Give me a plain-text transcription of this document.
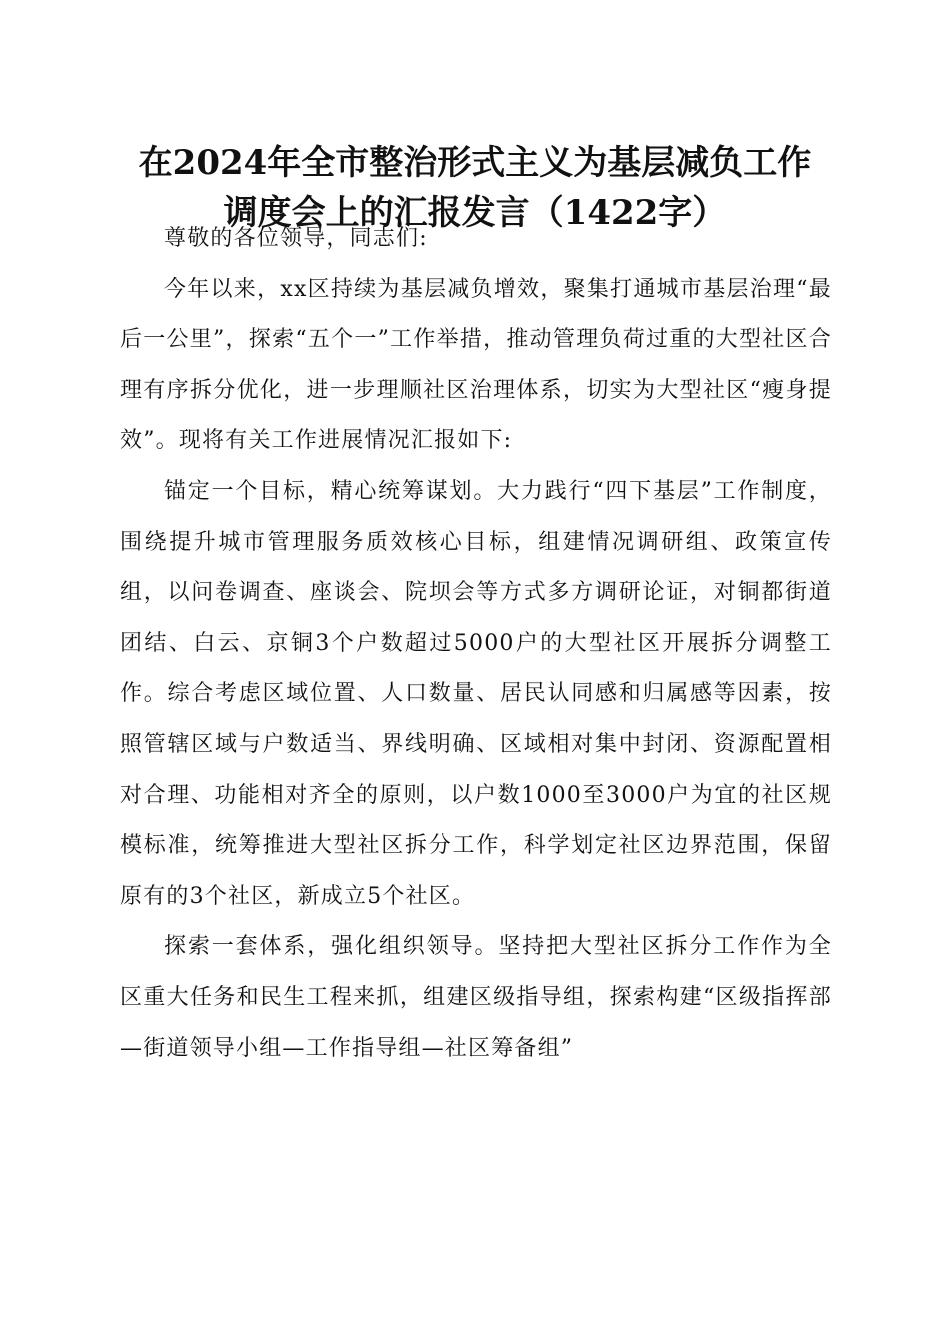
在2024年全市整治形式主义为基层减负工作
调度会上的汇报发言（1422字）

尊敬的各位领导，同志们:

今年以来，xx区持续为基层减负增效，聚集打通城市基层治理“最后一公里”，探索“五个一”工作举措，推动管理负荷过重的大型社区合理有序拆分优化，进一步理顺社区治理体系，切实为大型社区“瘦身提效”。现将有关工作进展情况汇报如下:

锚定一个目标，精心统筹谋划。大力践行“四下基层”工作制度，围绕提升城市管理服务质效核心目标，组建情况调研组、政策宣传组，以问卷调查、座谈会、院坝会等方式多方调研论证，对铜都街道团结、白云、京铜3个户数超过5000户的大型社区开展拆分调整工作。综合考虑区域位置、人口数量、居民认同感和归属感等因素，按照管辖区域与户数适当、界线明确、区域相对集中封闭、资源配置相对合理、功能相对齐全的原则，以户数1000至3000户为宜的社区规模标准，统筹推进大型社区拆分工作，科学划定社区边界范围，保留原有的3个社区，新成立5个社区。

探索一套体系，强化组织领导。坚持把大型社区拆分工作作为全区重大任务和民生工程来抓，组建区级指导组，探索构建“区级指挥部—街道领导小组—工作指导组—社区筹备组”
